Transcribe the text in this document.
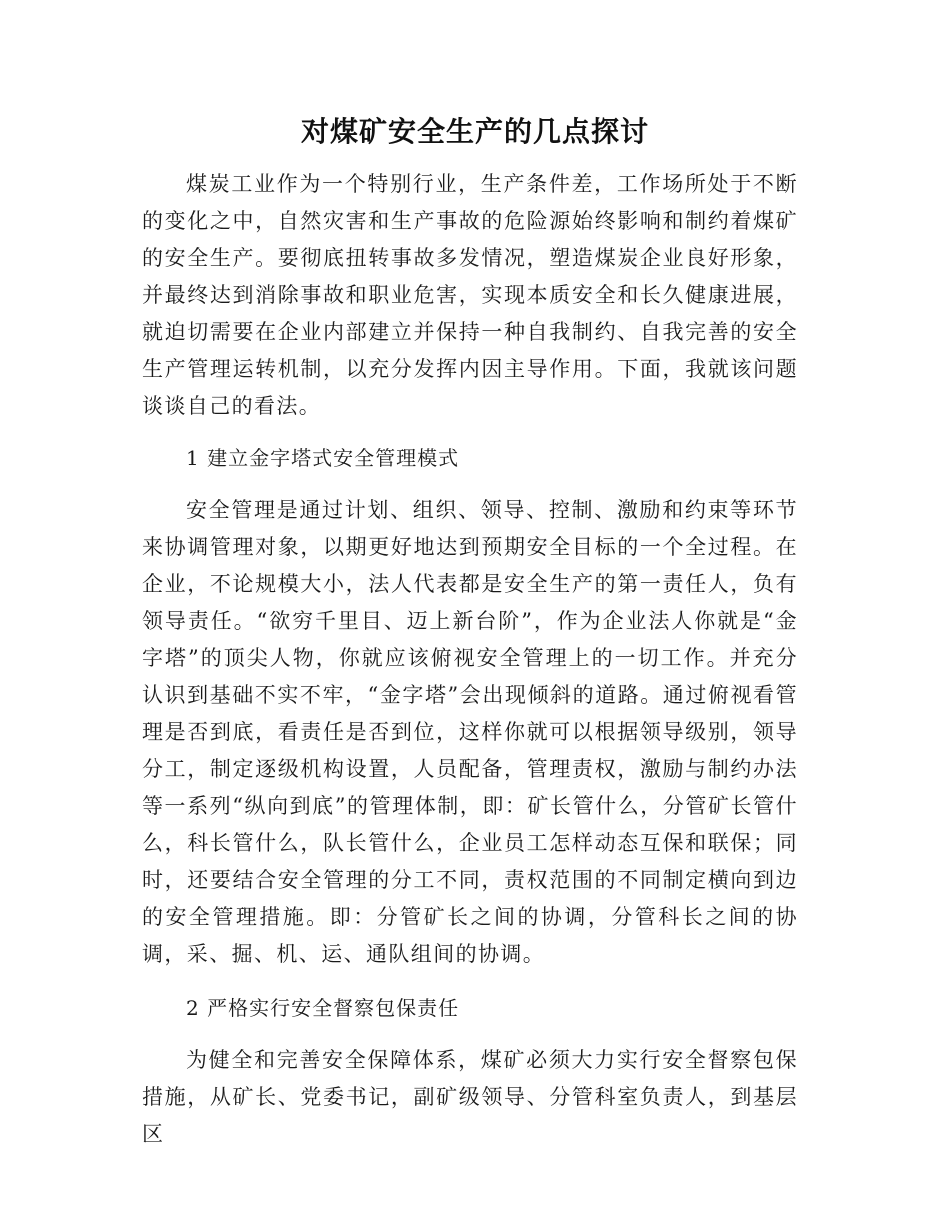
对煤矿安全生产的几点探讨

煤炭工业作为一个特别行业，生产条件差，工作场所处于不断的变化之中，自然灾害和生产事故的危险源始终影响和制约着煤矿的安全生产。要彻底扭转事故多发情况，塑造煤炭企业良好形象，并最终达到消除事故和职业危害，实现本质安全和长久健康进展，就迫切需要在企业内部建立并保持一种自我制约、自我完善的安全生产管理运转机制，以充分发挥内因主导作用。下面，我就该问题谈谈自己的看法。

1 建立金字塔式安全管理模式

安全管理是通过计划、组织、领导、控制、激励和约束等环节来协调管理对象，以期更好地达到预期安全目标的一个全过程。在企业，不论规模大小，法人代表都是安全生产的第一责任人，负有领导责任。“欲穷千里目、迈上新台阶”，作为企业法人你就是“金字塔”的顶尖人物，你就应该俯视安全管理上的一切工作。并充分认识到基础不实不牢，“金字塔”会出现倾斜的道路。通过俯视看管理是否到底，看责任是否到位，这样你就可以根据领导级别，领导分工，制定逐级机构设置，人员配备，管理责权，激励与制约办法等一系列“纵向到底”的管理体制，即：矿长管什么，分管矿长管什么，科长管什么，队长管什么，企业员工怎样动态互保和联保；同时，还要结合安全管理的分工不同，责权范围的不同制定横向到边的安全管理措施。即：分管矿长之间的协调，分管科长之间的协调，采、掘、机、运、通队组间的协调。

2 严格实行安全督察包保责任

为健全和完善安全保障体系，煤矿必须大力实行安全督察包保措施，从矿长、党委书记，副矿级领导、分管科室负责人，到基层区
